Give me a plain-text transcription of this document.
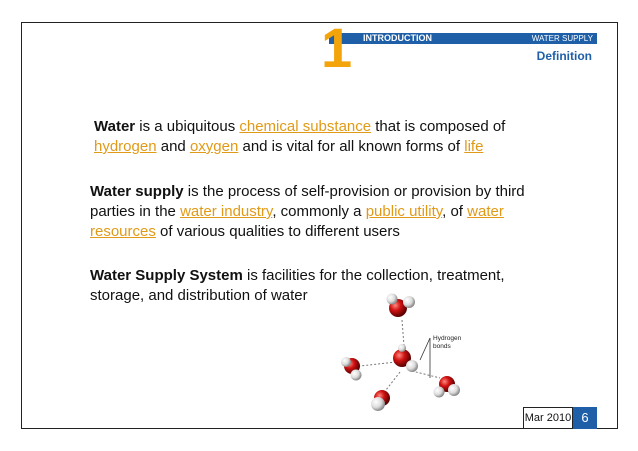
1 INTRODUCTION	WATER SUPPLY
Definition
Water is a ubiquitous chemical substance that is composed of hydrogen and oxygen and is vital for all known forms of life
Water supply is the process of self-provision or provision by third parties in the water industry, commonly a public utility, of water resources of various qualities to different users
Water Supply System is facilities for the collection, treatment, storage, and distribution of water
Hydrogen
bonds
Mar 2010 6
